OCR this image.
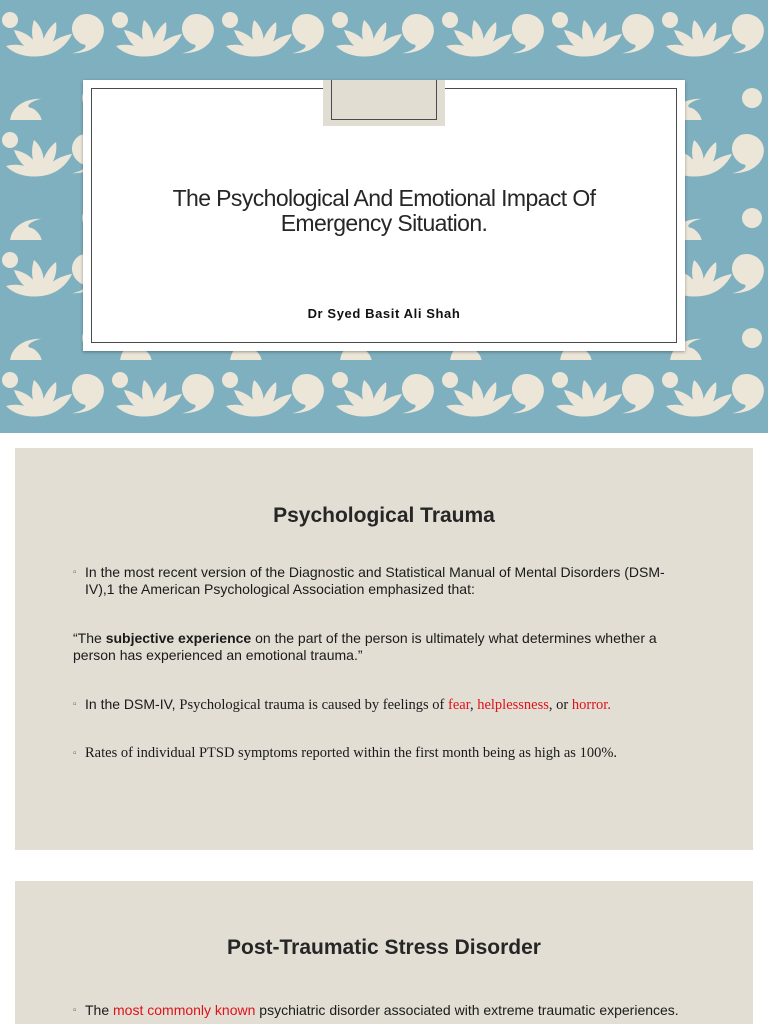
The Psychological And Emotional Impact Of
Emergency Situation.
Dr Syed Basit Ali Shah
Psychological Trauma
▫ In the most recent version of the Diagnostic and Statistical Manual of Mental Disorders (DSM-
IV),1 the American Psychological Association emphasized that:
“The subjective experience on the part of the person is ultimately what determines whether a
person has experienced an emotional trauma.”
▫ In the DSM-IV, Psychological trauma is caused by feelings of fear, helplessness, or horror.
▫ Rates of individual PTSD symptoms reported within the first month being as high as 100%.
Post-Traumatic Stress Disorder
▫ The most commonly known psychiatric disorder associated with extreme traumatic experiences.
